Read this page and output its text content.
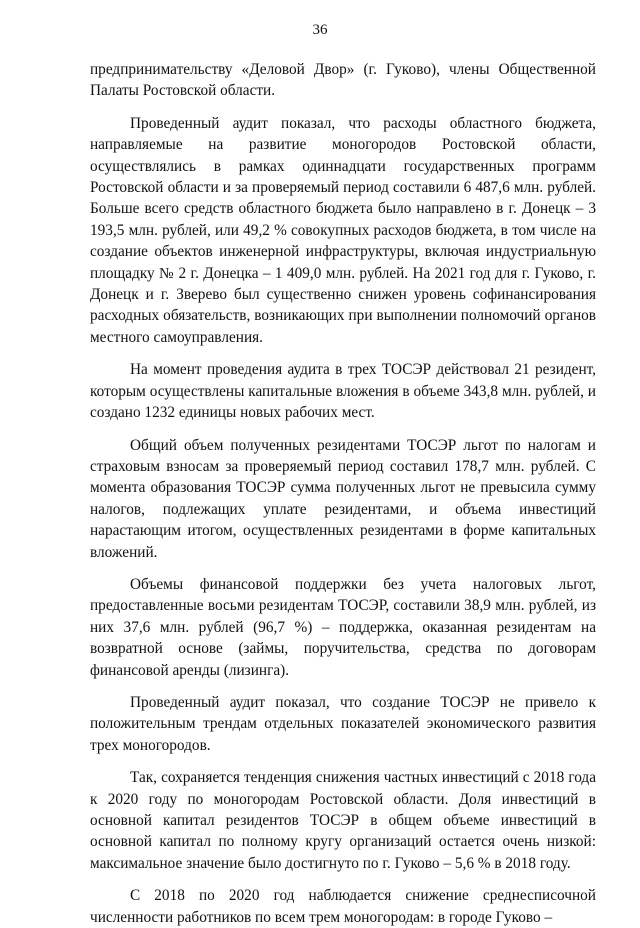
36

предпринимательству «Деловой Двор» (г. Гуково), члены Общественной Палаты Ростовской области.

Проведенный аудит показал, что расходы областного бюджета, направляемые на развитие моногородов Ростовской области, осуществлялись в рамках одиннадцати государственных программ Ростовской области и за проверяемый период составили 6 487,6 млн. рублей. Больше всего средств областного бюджета было направлено в г. Донецк – 3 193,5 млн. рублей, или 49,2 % совокупных расходов бюджета, в том числе на создание объектов инженерной инфраструктуры, включая индустриальную площадку № 2 г. Донецка – 1 409,0 млн. рублей. На 2021 год для г. Гуково, г. Донецк и г. Зверево был существенно снижен уровень софинансирования расходных обязательств, возникающих при выполнении полномочий органов местного самоуправления.

На момент проведения аудита в трех ТОСЭР действовал 21 резидент, которым осуществлены капитальные вложения в объеме 343,8 млн. рублей, и создано 1232 единицы новых рабочих мест.

Общий объем полученных резидентами ТОСЭР льгот по налогам и страховым взносам за проверяемый период составил 178,7 млн. рублей. С момента образования ТОСЭР сумма полученных льгот не превысила сумму налогов, подлежащих уплате резидентами, и объема инвестиций нарастающим итогом, осуществленных резидентами в форме капитальных вложений.

Объемы финансовой поддержки без учета налоговых льгот, предоставленные восьми резидентам ТОСЭР, составили 38,9 млн. рублей, из них 37,6 млн. рублей (96,7 %) – поддержка, оказанная резидентам на возвратной основе (займы, поручительства, средства по договорам финансовой аренды (лизинга).

Проведенный аудит показал, что создание ТОСЭР не привело к положительным трендам отдельных показателей экономического развития трех моногородов.

Так, сохраняется тенденция снижения частных инвестиций с 2018 года к 2020 году по моногородам Ростовской области. Доля инвестиций в основной капитал резидентов ТОСЭР в общем объеме инвестиций в основной капитал по полному кругу организаций остается очень низкой: максимальное значение было достигнуто по г. Гуково – 5,6 % в 2018 году.

С 2018 по 2020 год наблюдается снижение среднесписочной численности работников по всем трем моногородам: в городе Гуково –
